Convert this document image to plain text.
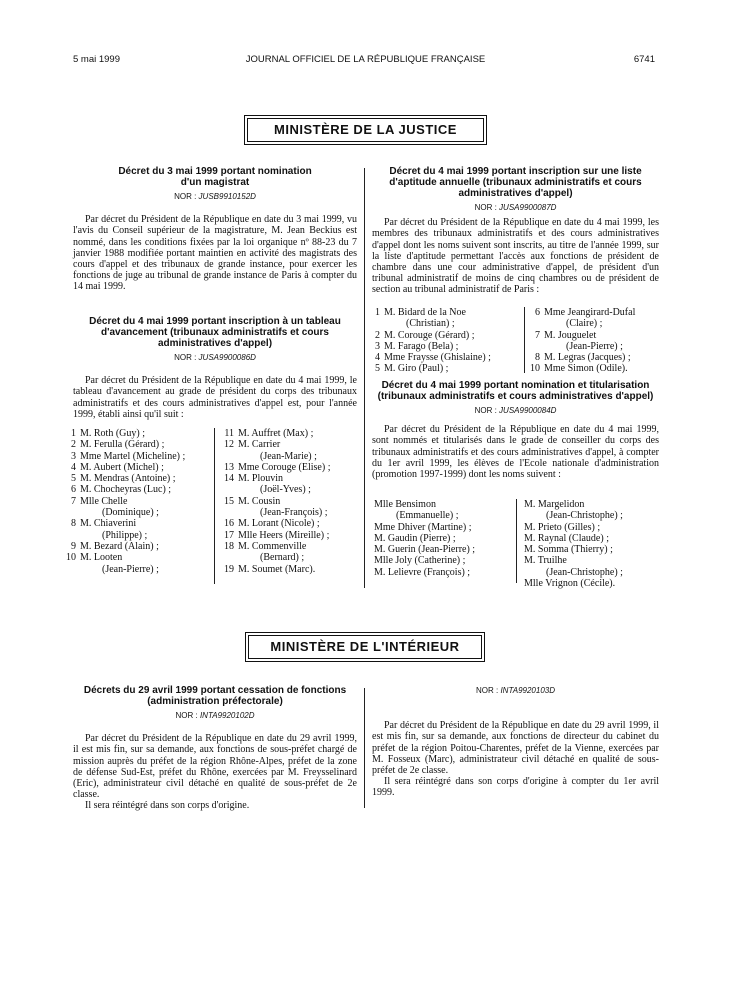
5 mai 1999	JOURNAL OFFICIEL DE LA RÉPUBLIQUE FRANÇAISE	6741
MINISTÈRE DE LA JUSTICE
Décret du 3 mai 1999 portant nomination d'un magistrat
NOR : JUSB9910152D

Par décret du Président de la République en date du 3 mai 1999, vu l'avis du Conseil supérieur de la magistrature, M. Jean Beckius est nommé, dans les conditions fixées par la loi organique nº 88-23 du 7 janvier 1988 modifiée portant maintien en activité des magistrats des cours d'appel et des tribunaux de grande instance, pour exercer les fonctions de juge au tribunal de grande instance de Paris à compter du 14 mai 1999.

Décret du 4 mai 1999 portant inscription à un tableau d'avancement (tribunaux administratifs et cours administratives d'appel)
NOR : JUSA9900086D

Par décret du Président de la République en date du 4 mai 1999, le tableau d'avancement au grade de président du corps des tribunaux administratifs et des cours administratives d'appel est, pour l'année 1999, établi ainsi qu'il suit :

1 M. Roth (Guy) ;
2 M. Ferulla (Gérard) ;
3 Mme Martel (Micheline) ;
4 M. Aubert (Michel) ;
5 M. Mendras (Antoine) ;
6 M. Chocheyras (Luc) ;
7 Mlle Chelle
(Dominique) ;
8 M. Chiaverini
(Philippe) ;
9 M. Bezard (Alain) ;
10 M. Looten
(Jean-Pierre) ;
11 M. Auffret (Max) ;
12 M. Carrier
(Jean-Marie) ;
13 Mme Corouge (Elise) ;
14 M. Plouvin
(Joël-Yves) ;
15 M. Cousin
(Jean-François) ;
16 M. Lorant (Nicole) ;
17 Mlle Heers (Mireille) ;
18 M. Commenville
(Bernard) ;
19 M. Soumet (Marc).
Décret du 4 mai 1999 portant inscription sur une liste d'aptitude annuelle (tribunaux administratifs et cours administratives d'appel)
NOR : JUSA9900087D

Par décret du Président de la République en date du 4 mai 1999, les membres des tribunaux administratifs et des cours administratives d'appel dont les noms suivent sont inscrits, au titre de l'année 1999, sur la liste d'aptitude permettant l'accès aux fonctions de président de chambre dans une cour administrative d'appel, de président d'un tribunal administratif de moins de cinq chambres ou de président de section au tribunal administratif de Paris :

1 M. Bidard de la Noe
(Christian) ;
2 M. Corouge (Gérard) ;
3 M. Farago (Bela) ;
4 Mme Fraysse (Ghislaine) ;
5 M. Giro (Paul) ;
6 Mme Jeangirard-Dufal
(Claire) ;
7 M. Jouguelet
(Jean-Pierre) ;
8 M. Legras (Jacques) ;
10 Mme Simon (Odile).
Décret du 4 mai 1999 portant nomination et titularisation (tribunaux administratifs et cours administratives d'appel)
NOR : JUSA9900084D

Par décret du Président de la République en date du 4 mai 1999, sont nommés et titularisés dans le grade de conseiller du corps des tribunaux administratifs et des cours administratives d'appel, à compter du 1er avril 1999, les élèves de l'Ecole nationale d'administration (promotion 1997-1999) dont les noms suivent :

Mlle Bensimon
(Emmanuelle) ;
Mme Dhiver (Martine) ;
M. Gaudin (Pierre) ;
M. Guerin (Jean-Pierre) ;
Mlle Joly (Catherine) ;
M. Lelievre (François) ;
M. Margelidon
(Jean-Christophe) ;
M. Prieto (Gilles) ;
M. Raynal (Claude) ;
M. Somma (Thierry) ;
M. Truilhe
(Jean-Christophe) ;
Mlle Vrignon (Cécile).
MINISTÈRE DE L'INTÉRIEUR
Décrets du 29 avril 1999 portant cessation de fonctions (administration préfectorale)
NOR : INTA9920102D

Par décret du Président de la République en date du 29 avril 1999, il est mis fin, sur sa demande, aux fonctions de sous-préfet chargé de mission auprès du préfet de la région Rhône-Alpes, préfet de la zone de défense Sud-Est, préfet du Rhône, exercées par M. Freysselinard (Eric), administrateur civil détaché en qualité de sous-préfet de 2e classe.

Il sera réintégré dans son corps d'origine.

NOR : INTA9920103D

Par décret du Président de la République en date du 29 avril 1999, il est mis fin, sur sa demande, aux fonctions de directeur du cabinet du préfet de la région Poitou-Charentes, préfet de la Vienne, exercées par M. Fosseux (Marc), administrateur civil détaché en qualité de sous-préfet de 2e classe.

Il sera réintégré dans son corps d'origine à compter du 1er avril 1999.
